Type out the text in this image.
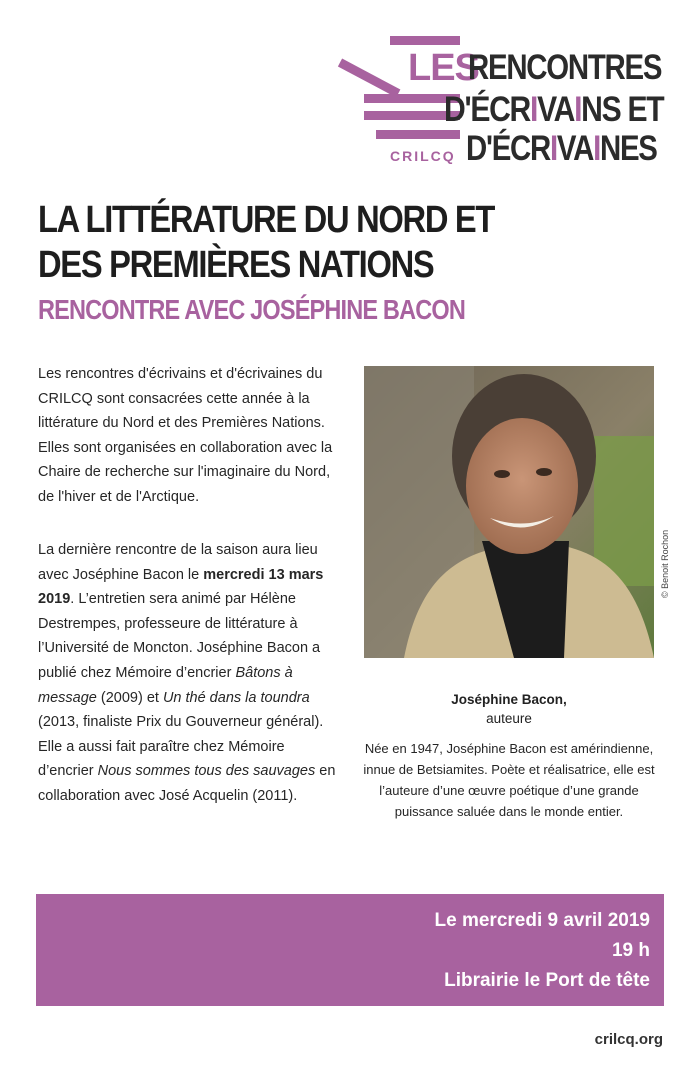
LES
RENCONTRES
D'ÉCRIVAINS ET
D'ÉCRIVAINES
CRILCQ
LA LITTÉRATURE DU NORD ET DES PREMIÈRES NATIONS
RENCONTRE AVEC JOSÉPHINE BACON
Les rencontres d'écrivains et d'écrivaines du CRILCQ sont consacrées cette année à la littérature du Nord et des Premières Nations. Elles sont organisées en collaboration avec la Chaire de recherche sur l'imaginaire du Nord, de l'hiver et de l'Arctique.
La dernière rencontre de la saison aura lieu avec Joséphine Bacon le mercredi 13 mars 2019. L’entretien sera animé par Hélène Destrempes, professeure de littérature à l’Université de Moncton. Joséphine Bacon a publié chez Mémoire d’encrier Bâtons à message (2009) et Un thé dans la toundra (2013, finaliste Prix du Gouverneur général). Elle a aussi fait paraître chez Mémoire d’encrier Nous sommes tous des sauvages en collaboration avec José Acquelin (2011).
© Benoit Rochon
Joséphine Bacon,
auteure
Née en 1947, Joséphine Bacon est amérindienne, innue de Betsiamites. Poète et réalisatrice, elle est l’auteure d’une œuvre poétique d’une grande puissance saluée dans le monde entier.
Le mercredi 9 avril 2019
19 h
Librairie le Port de tête
crilcq.org
